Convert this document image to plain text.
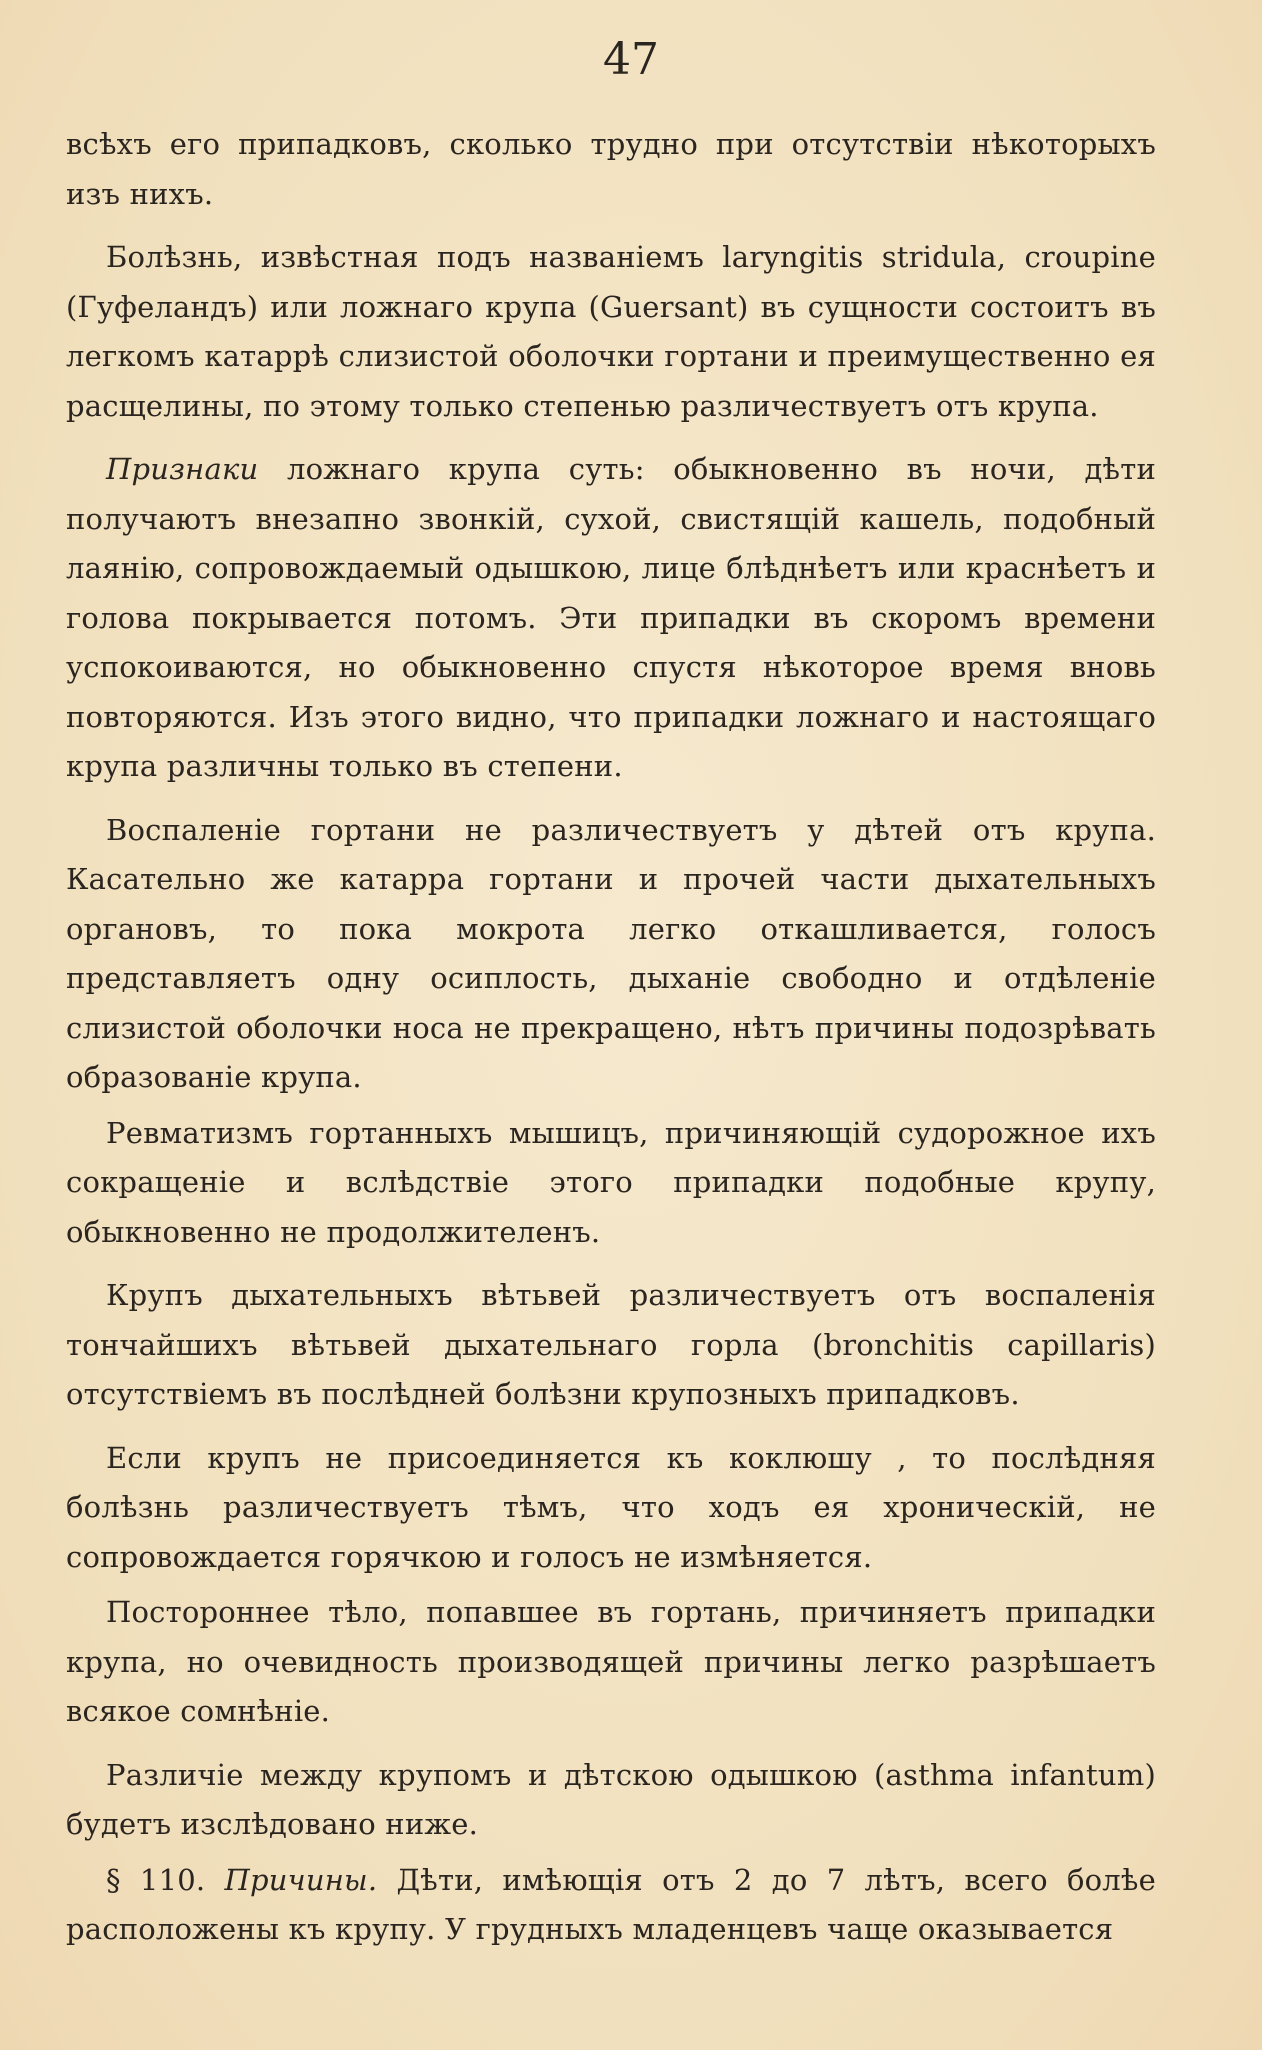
47

всѣхъ его припадковъ, сколько трудно при отсутствіи нѣкоторыхъ изъ нихъ.

Болѣзнь, извѣстная подъ названіемъ laryngitis stridula, croupine (Гуфеландъ) или ложнаго крупа (Guersant) въ сущности состоитъ въ легкомъ катаррѣ слизистой оболочки гортани и преимущественно ея расщелины, по этому только степенью различествуетъ отъ крупа.

Признаки ложнаго крупа суть: обыкновенно въ ночи, дѣти получаютъ внезапно звонкій, сухой, свистящій кашель, подобный лаянію, сопровождаемый одышкою, лице блѣднѣетъ или краснѣетъ и голова покрывается потомъ. Эти припадки въ скоромъ времени успокоиваются, но обыкновенно спустя нѣкоторое время вновь повторяются. Изъ этого видно, что припадки ложнаго и настоящаго крупа различны только въ степени.

Воспаленіе гортани не различествуетъ у дѣтей отъ крупа. Касательно же катарра гортани и прочей части дыхательныхъ органовъ, то пока мокрота легко откашливается, голосъ представляетъ одну осиплость, дыханіе свободно и отдѣленіе слизистой оболочки носа не прекращено, нѣтъ причины подозрѣвать образованіе крупа.

Ревматизмъ гортанныхъ мышицъ, причиняющій судорожное ихъ сокращеніе и вслѣдствіе этого припадки подобные крупу, обыкновенно не продолжителенъ.

Крупъ дыхательныхъ вѣтьвей различествуетъ отъ воспаленія тончайшихъ вѣтьвей дыхательнаго горла (bronchitis capillaris) отсутствіемъ въ послѣдней болѣзни крупозныхъ припадковъ.

Если крупъ не присоединяется къ коклюшу , то послѣдняя болѣзнь различествуетъ тѣмъ, что ходъ ея хроническій, не сопровождается горячкою и голосъ не измѣняется.

Постороннее тѣло, попавшее въ гортань, причиняетъ припадки крупа, но очевидность производящей причины легко разрѣшаетъ всякое сомнѣніе.

Различіе между крупомъ и дѣтскою одышкою (asthma infantum) будетъ изслѣдовано ниже.

§ 110. Причины. Дѣти, имѣющія отъ 2 до 7 лѣтъ, всего болѣе расположены къ крупу. У грудныхъ младенцевъ чаще оказывается
